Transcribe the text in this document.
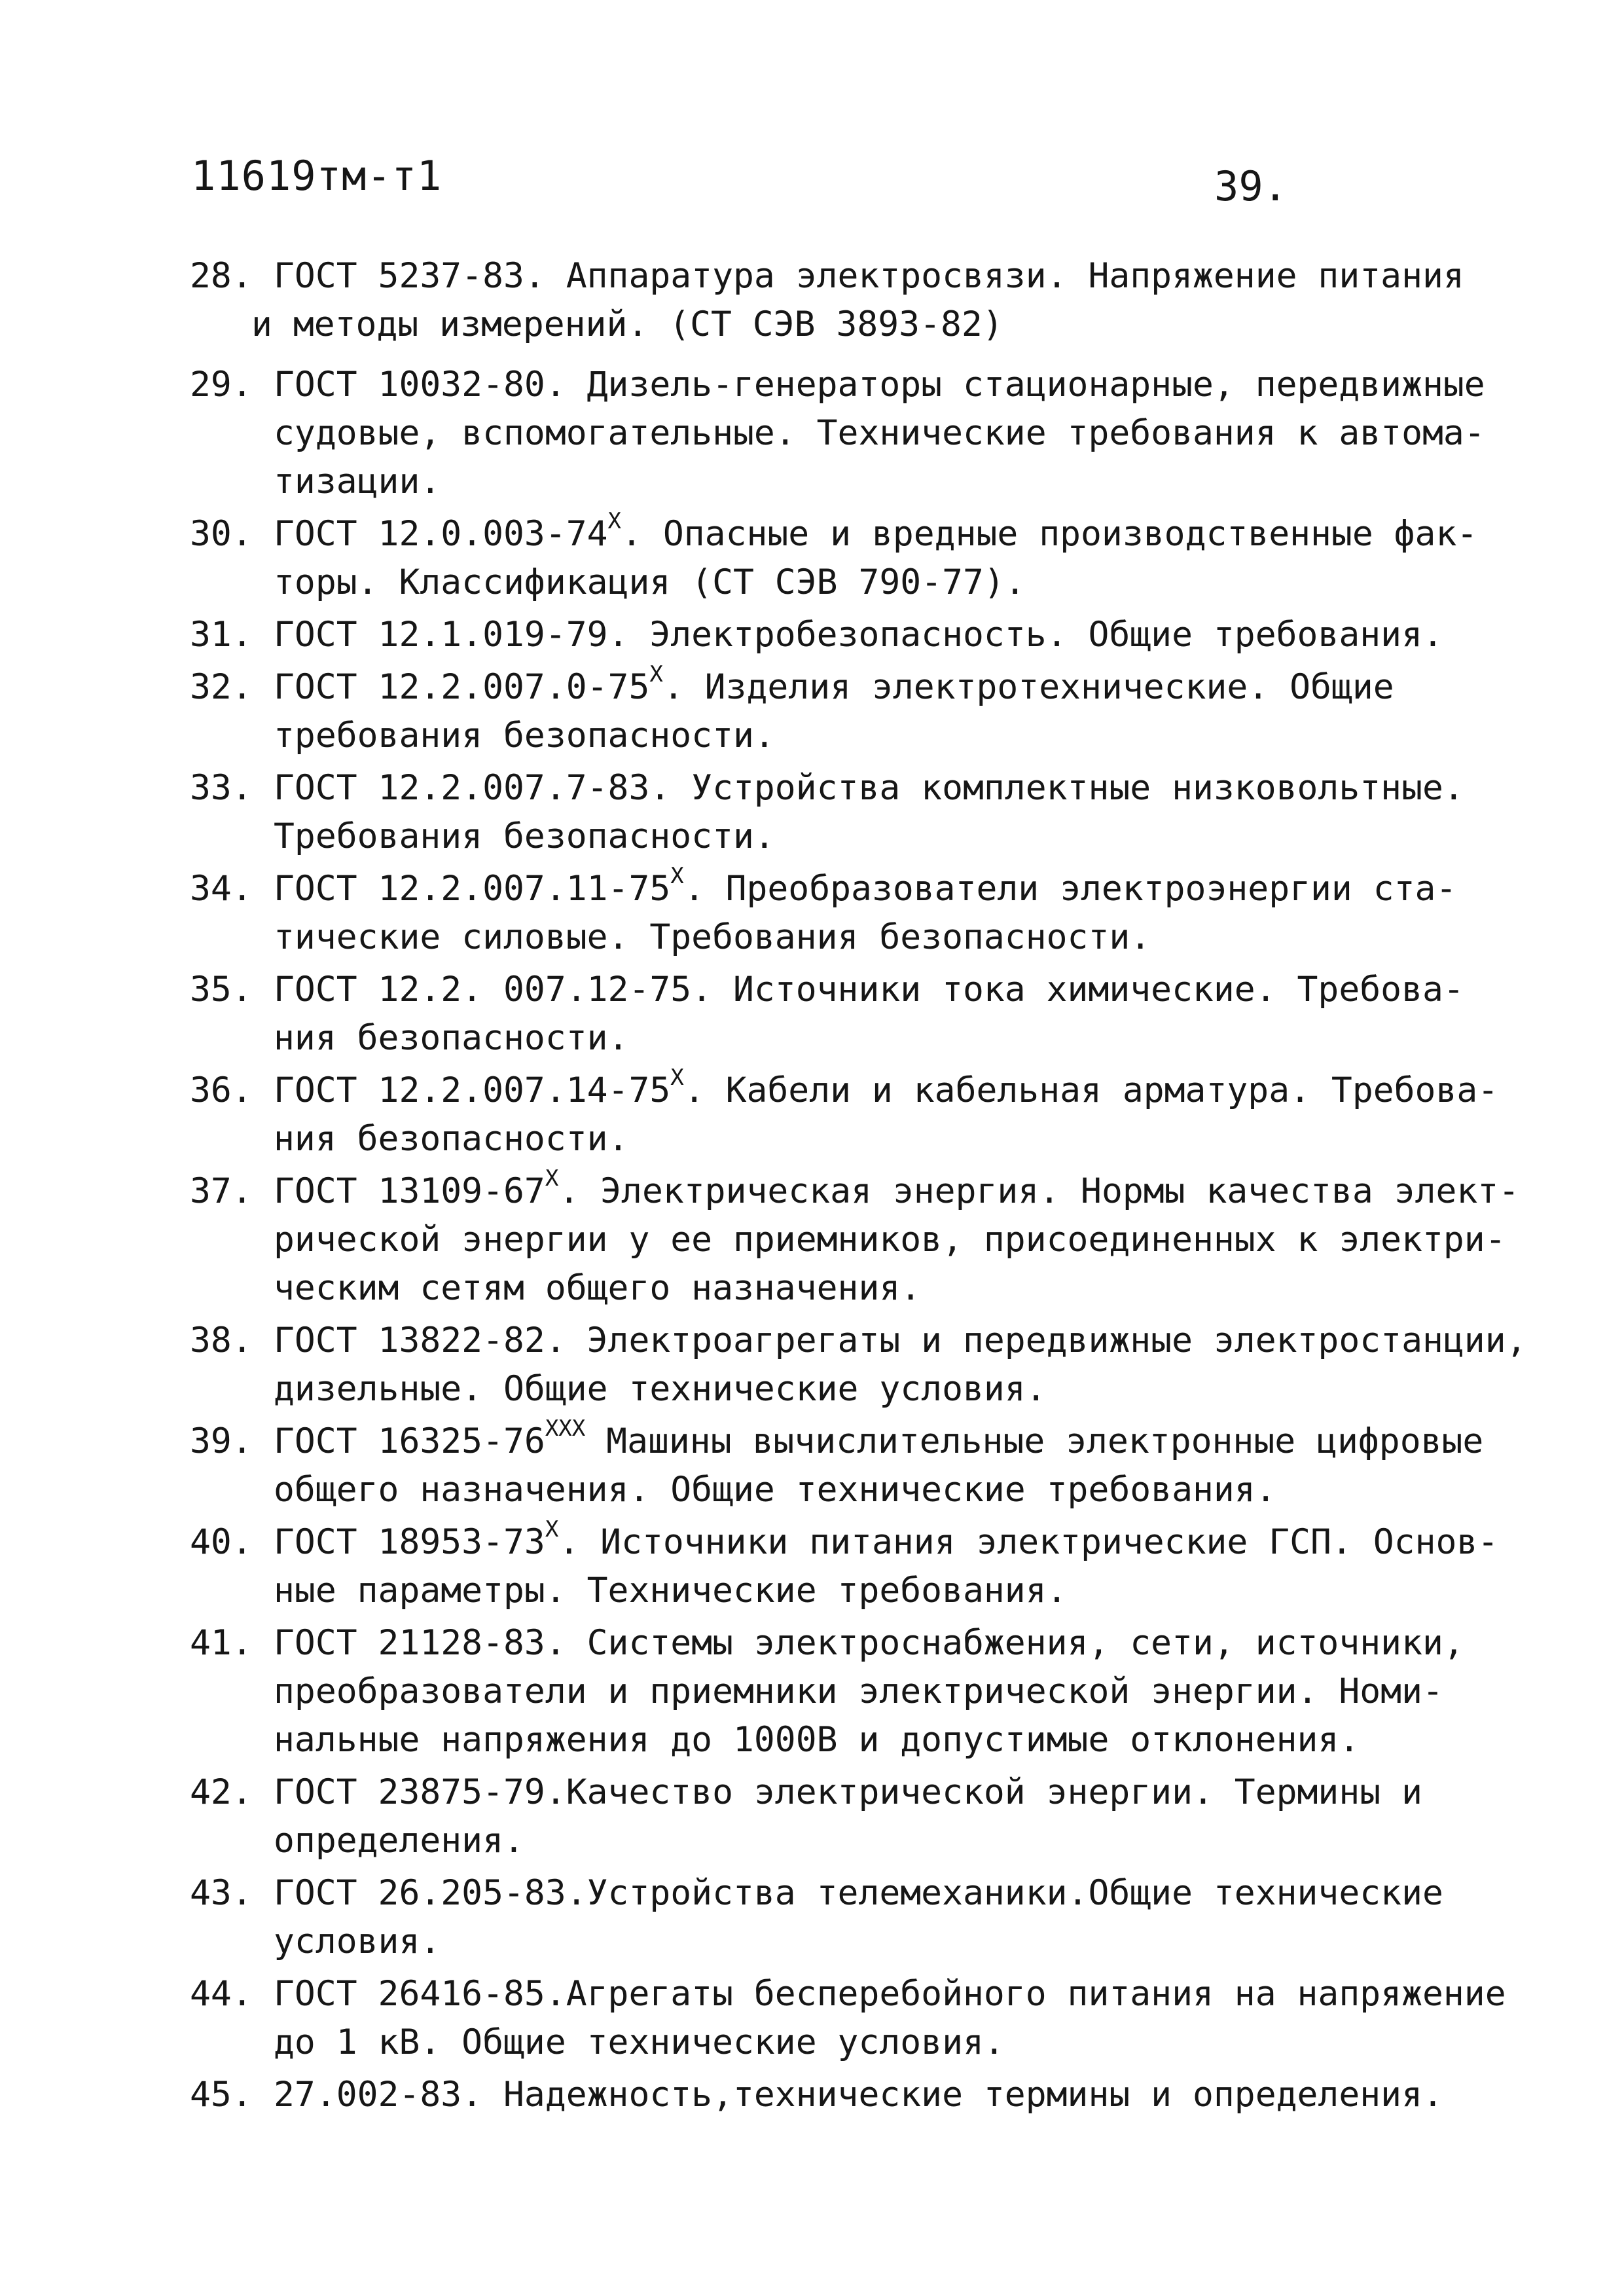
11619тм-т1	39.
28. ГОСТ 5237-83. Аппаратура электросвязи. Напряжение питания
и методы измерений. (СТ СЭВ 3893-82)
29. ГОСТ 10032-80. Дизель-генераторы стационарные, передвижные
судовые, вспомогательные. Технические требования к автома-
тизации.
30. ГОСТ $12.0.003-74^X$. Опасные и вредные производственные фак-
торы. Классификация (СТ СЭВ 790-77).
31. ГОСТ 12.1.019-79. Электробезопасность. Общие требования.
32. ГОСТ $12.2.007.0-75^X$. Изделия электротехнические. Общие
требования безопасности.
33. ГОСТ 12.2.007.7-83. Устройства комплектные низковольтные.
Требования безопасности.
34. ГОСТ $12.2.007.11-75^X$. Преобразователи электроэнергии ста-
тические силовые. Требования безопасности.
35. ГОСТ 12.2. 007.12-75. Источники тока химические. Требова-
ния безопасности.
36. ГОСТ $12.2.007.14-75^X$. Кабели и кабельная арматура. Требова-
ния безопасности.
37. ГОСТ $13109-67^X$. Электрическая энергия. Нормы качества элект-
рической энергии у ее приемников, присоединенных к электри-
ческим сетям общего назначения.
38. ГОСТ 13822-82. Электроагрегаты и передвижные электростанции,
дизельные. Общие технические условия.
39. ГОСТ $16325-76^{XXX}$ Машины вычислительные электронные цифровые
общего назначения. Общие технические требования.
40. ГОСТ $18953-73^X$. Источники питания электрические ГСП. Основ-
ные параметры. Технические требования.
41. ГОСТ 21128-83. Системы электроснабжения, сети, источники,
преобразователи и приемники электрической энергии. Номи-
нальные напряжения до 1000В и допустимые отклонения.
42. ГОСТ 23875-79.Качество электрической энергии. Термины и
определения.
43. ГОСТ 26.205-83.Устройства телемеханики.Общие технические
условия.
44. ГОСТ 26416-85.Агрегаты бесперебойного питания на напряжение
до 1 кВ. Общие технические условия.
45. 27.002-83. Надежность,технические термины и определения.
